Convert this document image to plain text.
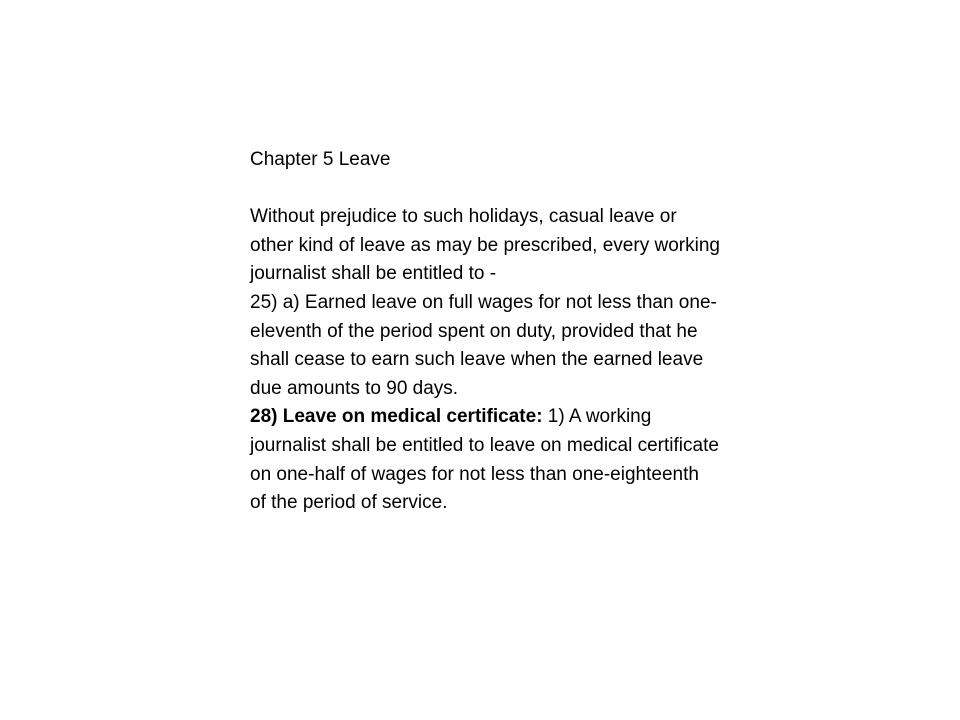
Chapter 5 Leave

Without prejudice to such holidays, casual leave or other kind of leave as may be prescribed, every working journalist shall be entitled to -

25) a) Earned leave on full wages for not less than one-eleventh of the period spent on duty, provided that he shall cease to earn such leave when the earned leave due amounts to 90 days.

28) Leave on medical certificate: 1) A working journalist shall be entitled to leave on medical certificate on one-half of wages for not less than one-eighteenth of the period of service.
